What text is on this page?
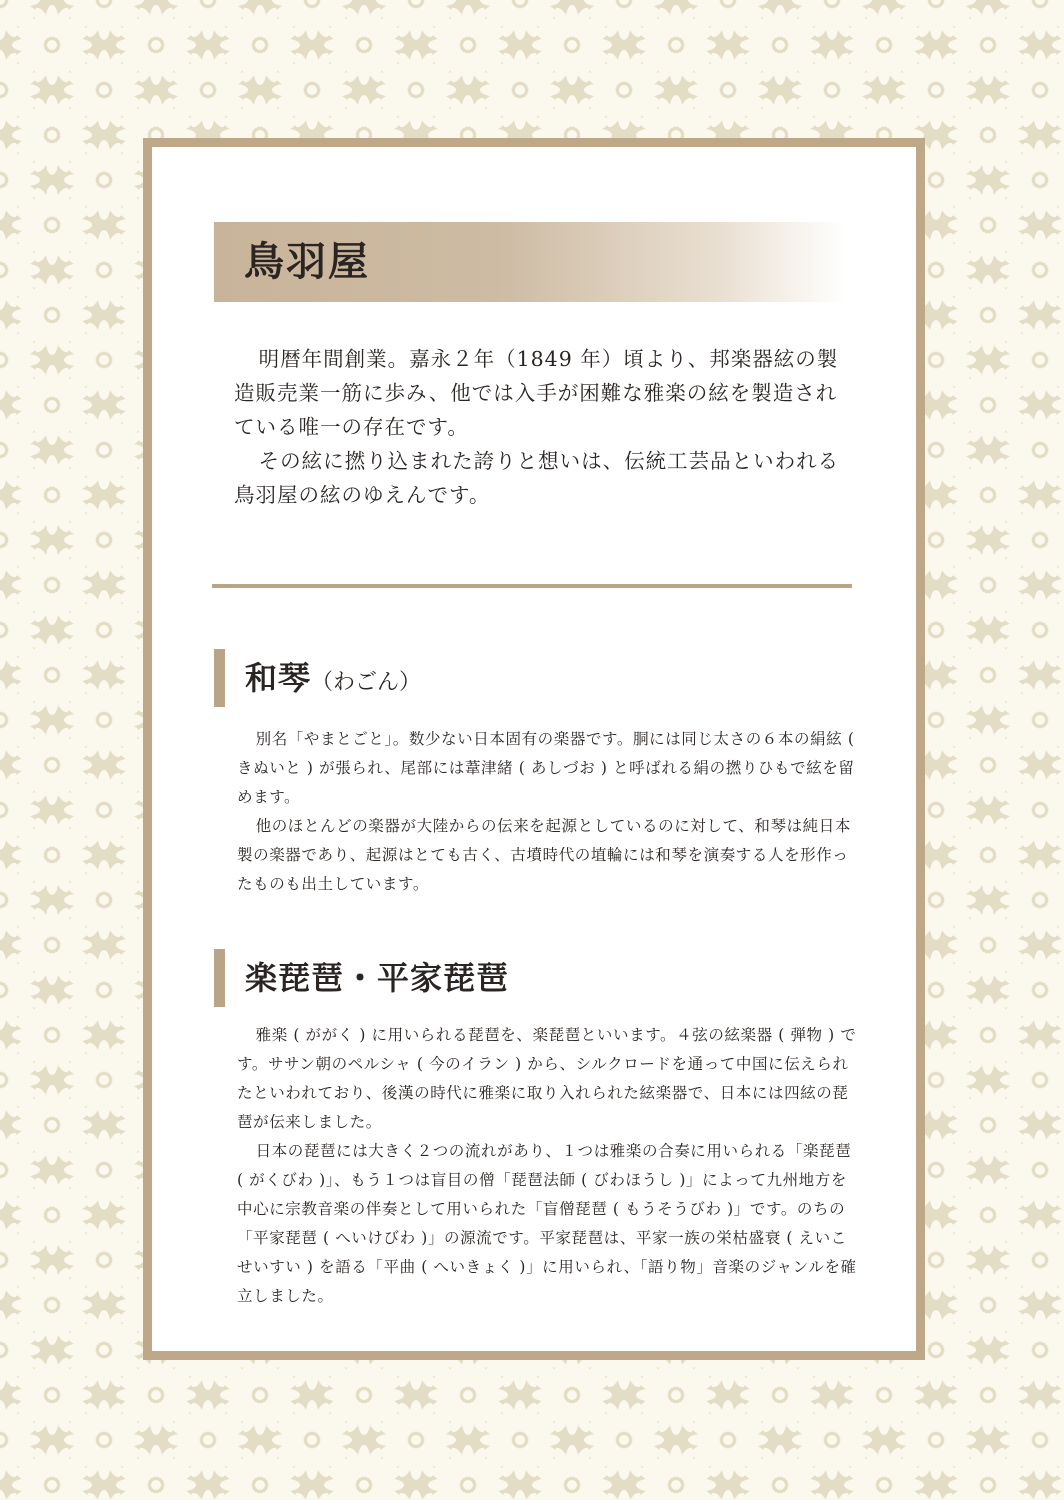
鳥羽屋

明暦年間創業。嘉永２年（1849 年）頃より、邦楽器絃の製造販売業一筋に歩み、他では入手が困難な雅楽の絃を製造されている唯一の存在です。

その絃に撚り込まれた誇りと想いは、伝統工芸品といわれる鳥羽屋の絃のゆえんです。

和琴（わごん）

別名「やまとごと」。数少ない日本固有の楽器です。胴には同じ太さの６本の絹絃 ( きぬいと ) が張られ、尾部には葦津緒 ( あしづお ) と呼ばれる絹の撚りひもで絃を留めます。

他のほとんどの楽器が大陸からの伝来を起源としているのに対して、和琴は純日本製の楽器であり、起源はとても古く、古墳時代の埴輪には和琴を演奏する人を形作ったものも出土しています。

楽琵琶・平家琵琶

雅楽 ( ががく ) に用いられる琵琶を、楽琵琶といいます。４弦の絃楽器 ( 弾物 ) です。ササン朝のペルシャ ( 今のイラン ) から、シルクロードを通って中国に伝えられたといわれており、後漢の時代に雅楽に取り入れられた絃楽器で、日本には四絃の琵琶が伝来しました。

日本の琵琶には大きく２つの流れがあり、１つは雅楽の合奏に用いられる「楽琵琶 ( がくびわ )」、もう１つは盲目の僧「琵琶法師 ( びわほうし )」によって九州地方を中心に宗教音楽の伴奏として用いられた「盲僧琵琶 ( もうそうびわ )」です。のちの「平家琵琶 ( へいけびわ )」の源流です。平家琵琶は、平家一族の栄枯盛衰 ( えいこせいすい ) を語る「平曲 ( へいきょく )」に用いられ、「語り物」音楽のジャンルを確立しました。
